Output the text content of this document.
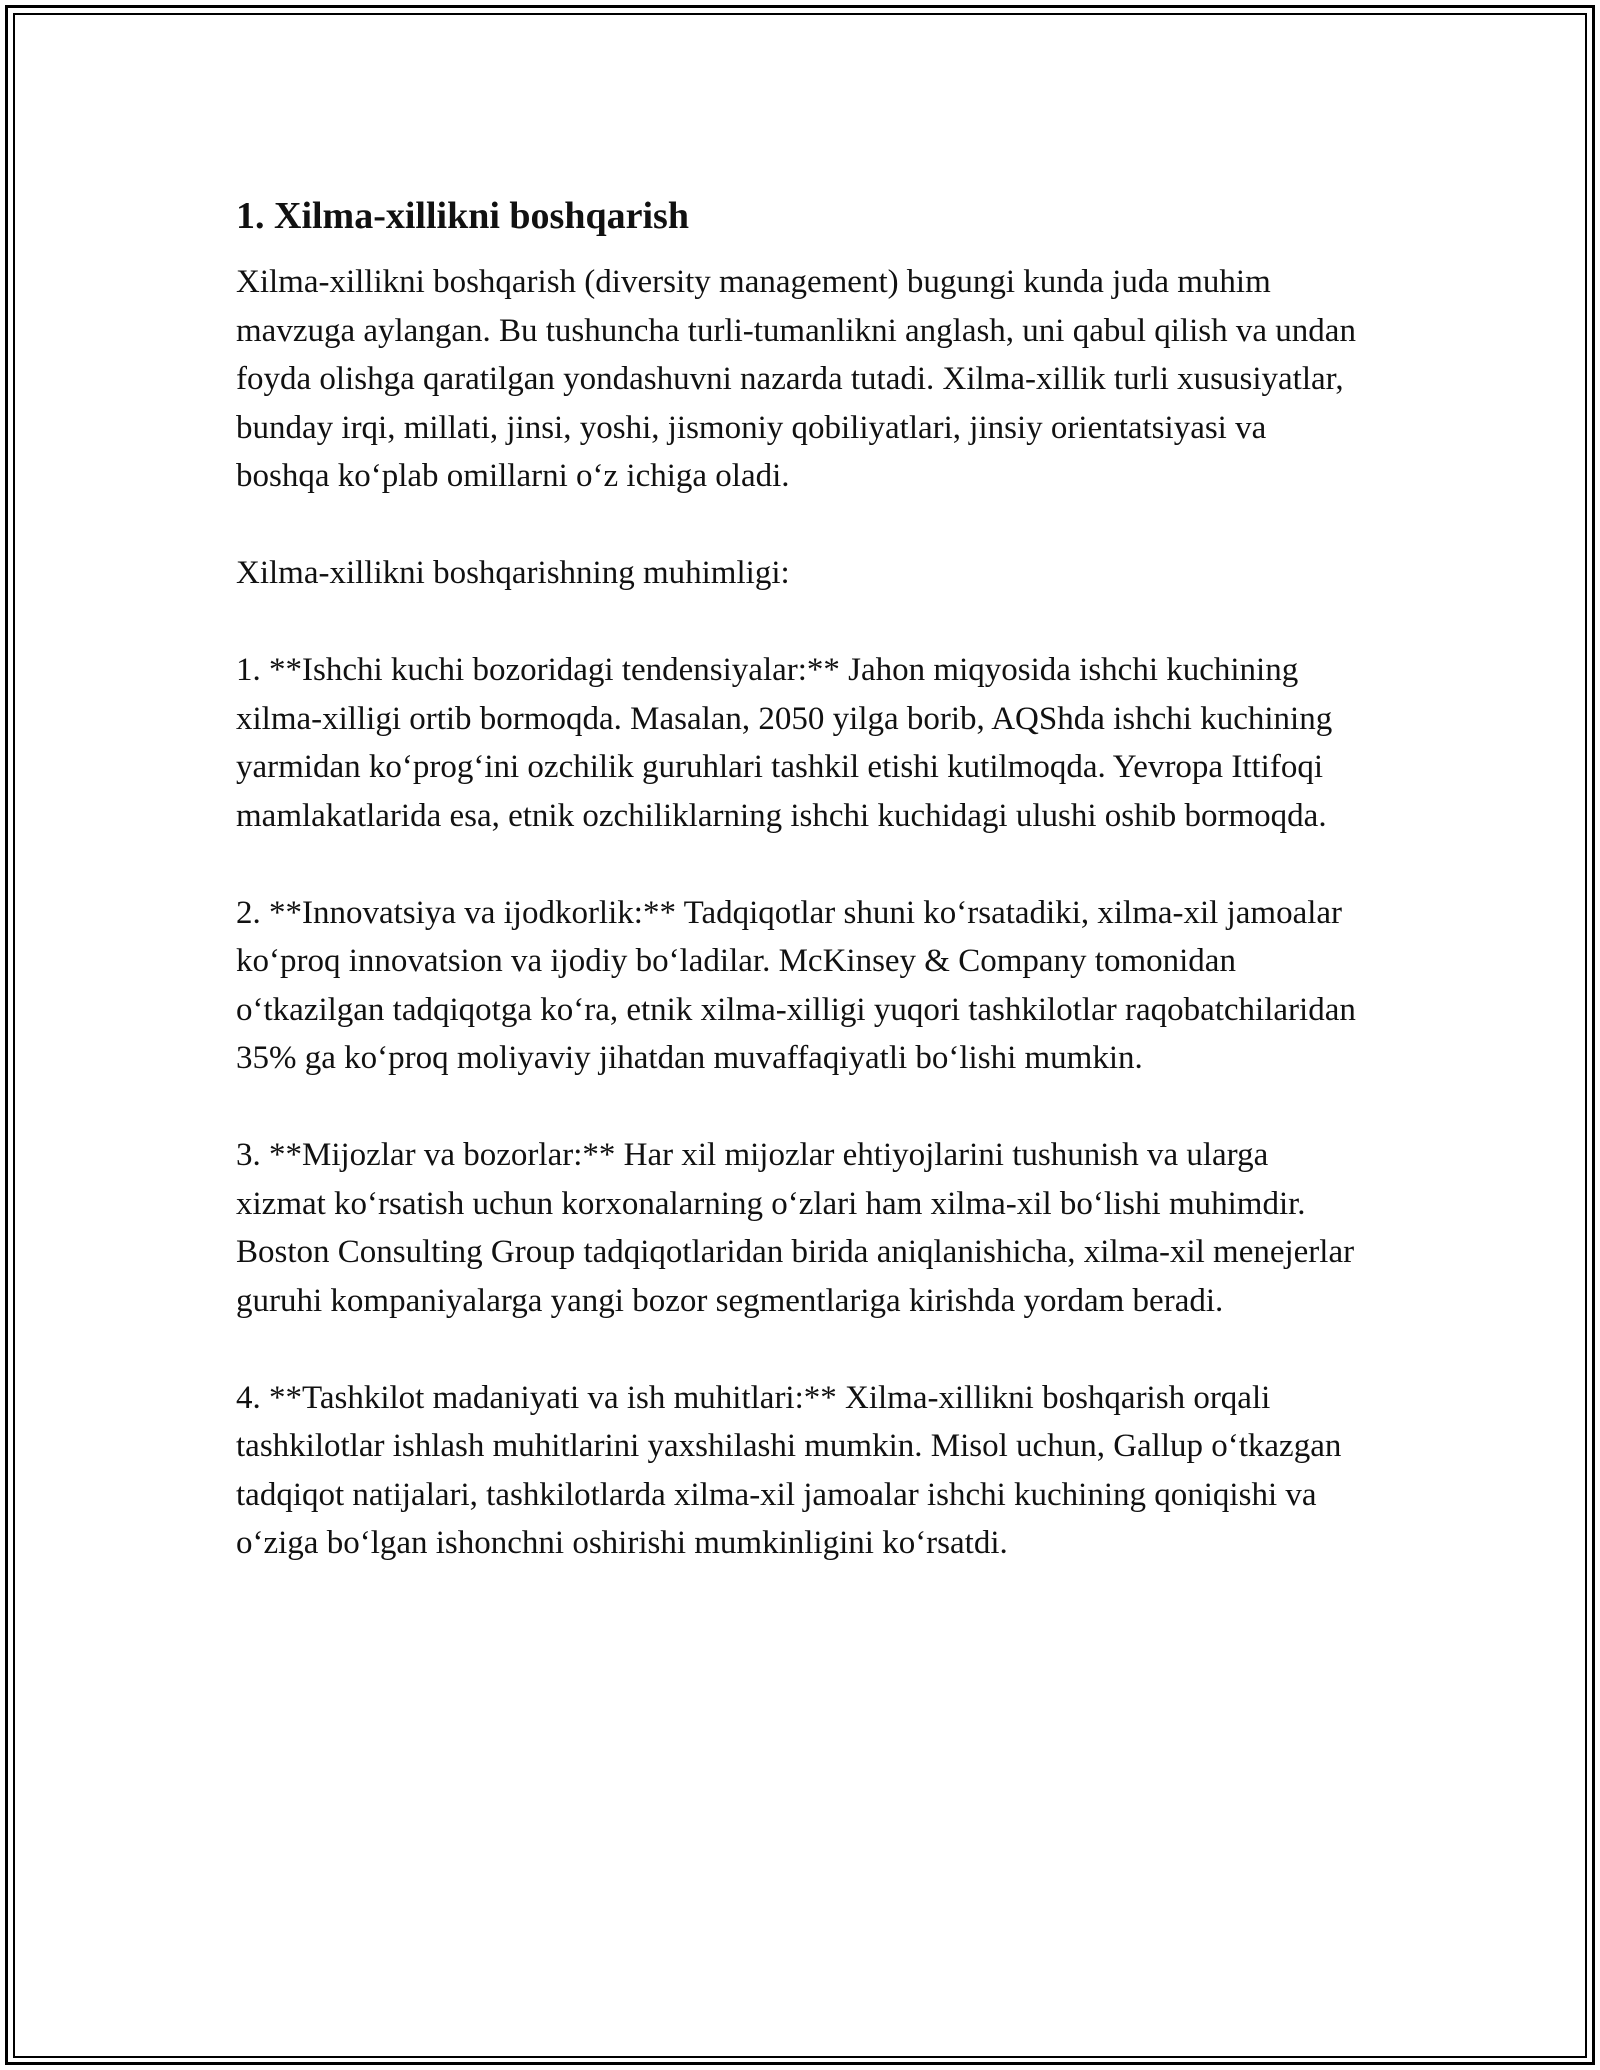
1. Xilma-xillikni boshqarish

Xilma-xillikni boshqarish (diversity management) bugungi kunda juda muhim mavzuga aylangan. Bu tushuncha turli-tumanlikni anglash, uni qabul qilish va undan foyda olishga qaratilgan yondashuvni nazarda tutadi. Xilma-xillik turli xususiyatlar, bunday irqi, millati, jinsi, yoshi, jismoniy qobiliyatlari, jinsiy orientatsiyasi va boshqa koʻplab omillarni oʻz ichiga oladi.

Xilma-xillikni boshqarishning muhimligi:

1. **Ishchi kuchi bozoridagi tendensiyalar:** Jahon miqyosida ishchi kuchining xilma-xilligi ortib bormoqda. Masalan, 2050 yilga borib, AQShda ishchi kuchining yarmidan koʻprogʻini ozchilik guruhlari tashkil etishi kutilmoqda. Yevropa Ittifoqi mamlakatlarida esa, etnik ozchiliklarning ishchi kuchidagi ulushi oshib bormoqda.

2. **Innovatsiya va ijodkorlik:** Tadqiqotlar shuni koʻrsatadiki, xilma-xil jamoalar koʻproq innovatsion va ijodiy boʻladilar. McKinsey & Company tomonidan oʻtkazilgan tadqiqotga koʻra, etnik xilma-xilligi yuqori tashkilotlar raqobatchilaridan 35% ga koʻproq moliyaviy jihatdan muvaffaqiyatli boʻlishi mumkin.

3. **Mijozlar va bozorlar:** Har xil mijozlar ehtiyojlarini tushunish va ularga xizmat koʻrsatish uchun korxonalarning oʻzlari ham xilma-xil boʻlishi muhimdir. Boston Consulting Group tadqiqotlaridan birida aniqlanishicha, xilma-xil menejerlar guruhi kompaniyalarga yangi bozor segmentlariga kirishda yordam beradi.

4. **Tashkilot madaniyati va ish muhitlari:** Xilma-xillikni boshqarish orqali tashkilotlar ishlash muhitlarini yaxshilashi mumkin. Misol uchun, Gallup oʻtkazgan tadqiqot natijalari, tashkilotlarda xilma-xil jamoalar ishchi kuchining qoniqishi va oʻziga boʻlgan ishonchni oshirishi mumkinligini koʻrsatdi.
